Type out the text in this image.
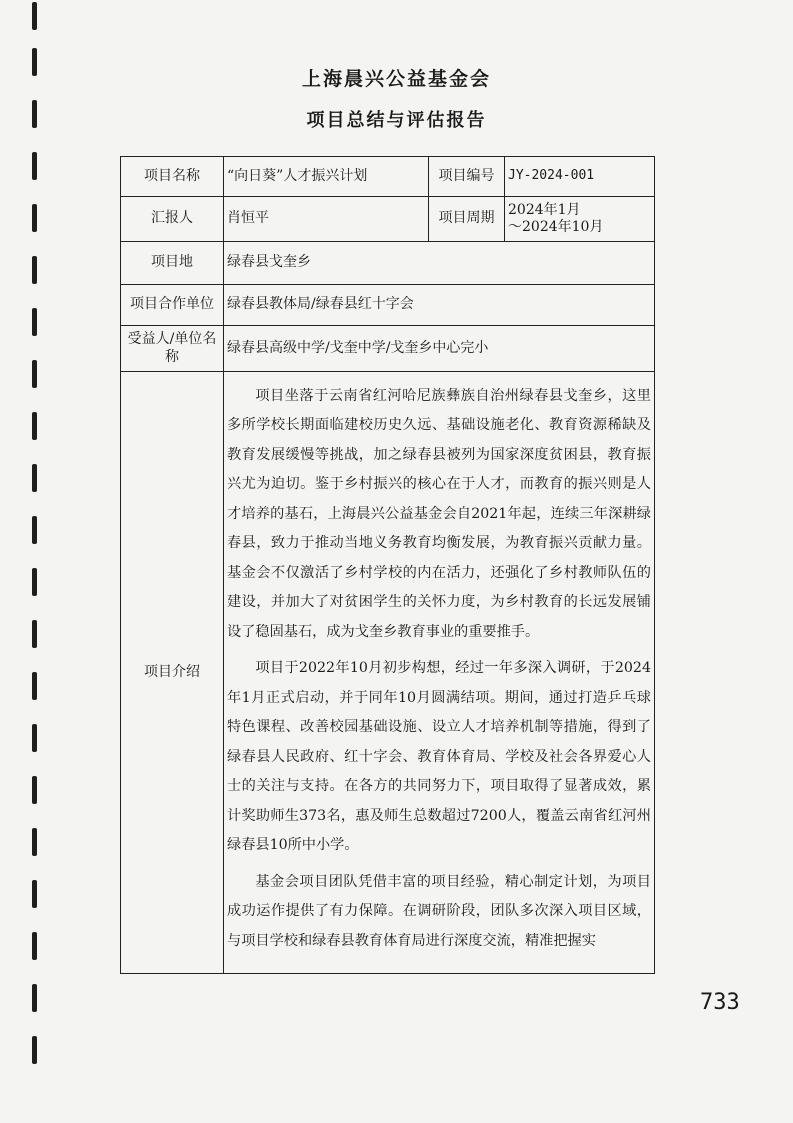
上海晨兴公益基金会
项目总结与评估报告
项目名称	“向日葵”人才振兴计划	项目编号	JY-2024-001
汇报人	肖恒平	项目周期	2024年1月
～2024年10月

项目地	绿春县戈奎乡		
项目合作单位	绿春县教体局/绿春县红十字会		

受益人/单位名
称	绿春县高级中学/戈奎中学/戈奎乡中心完小		
项目介绍	项目坐落于云南省红河哈尼族彝族自治州绿春县戈奎乡，这里多所学校长期面临建校历史久远、基础设施老化、教育资源稀缺及教育发展缓慢等挑战，加之绿春县被列为国家深度贫困县，教育振兴尤为迫切。鉴于乡村振兴的核心在于人才，而教育的振兴则是人才培养的基石，上海晨兴公益基金会自2021年起，连续三年深耕绿春县，致力于推动当地义务教育均衡发展，为教育振兴贡献力量。基金会不仅激活了乡村学校的内在活力，还强化了乡村教师队伍的建设，并加大了对贫困学生的关怀力度，为乡村教育的长远发展铺设了稳固基石，成为戈奎乡教育事业的重要推手。

项目于2022年10月初步构想，经过一年多深入调研，于2024年1月正式启动，并于同年10月圆满结项。期间，通过打造乒乓球特色课程、改善校园基础设施、设立人才培养机制等措施，得到了绿春县人民政府、红十字会、教育体育局、学校及社会各界爱心人士的关注与支持。在各方的共同努力下，项目取得了显著成效，累计奖助师生373名，惠及师生总数超过7200人，覆盖云南省红河州绿春县10所中小学。

基金会项目团队凭借丰富的项目经验，精心制定计划，为项目成功运作提供了有力保障。在调研阶段，团队多次深入项目区域，与项目学校和绿春县教育体育局进行深度交流，精准把握实		

733
